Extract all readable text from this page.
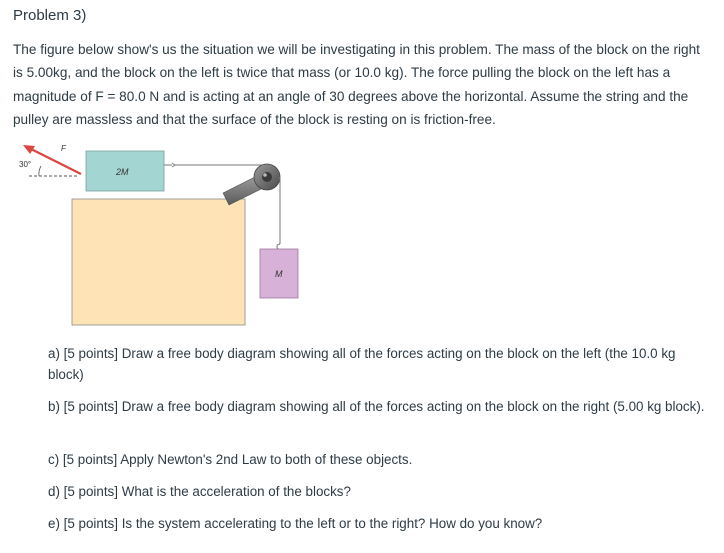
Problem 3)

The figure below show's us the situation we will be investigating in this problem. The mass of the block on the right is 5.00kg, and the block on the left is twice that mass (or 10.0 kg). The force pulling the block on the left has a magnitude of F = 80.0 N and is acting at an angle of 30 degrees above the horizontal. Assume the string and the pulley are massless and that the surface of the block is resting on is friction-free.

2M
M
F
30°

a) [5 points] Draw a free body diagram showing all of the forces acting on the block on the left (the 10.0 kg block)

b) [5 points] Draw a free body diagram showing all of the forces acting on the block on the right (5.00 kg block).

c) [5 points] Apply Newton's 2nd Law to both of these objects.

d) [5 points] What is the acceleration of the blocks?

e) [5 points] Is the system accelerating to the left or to the right? How do you know?
